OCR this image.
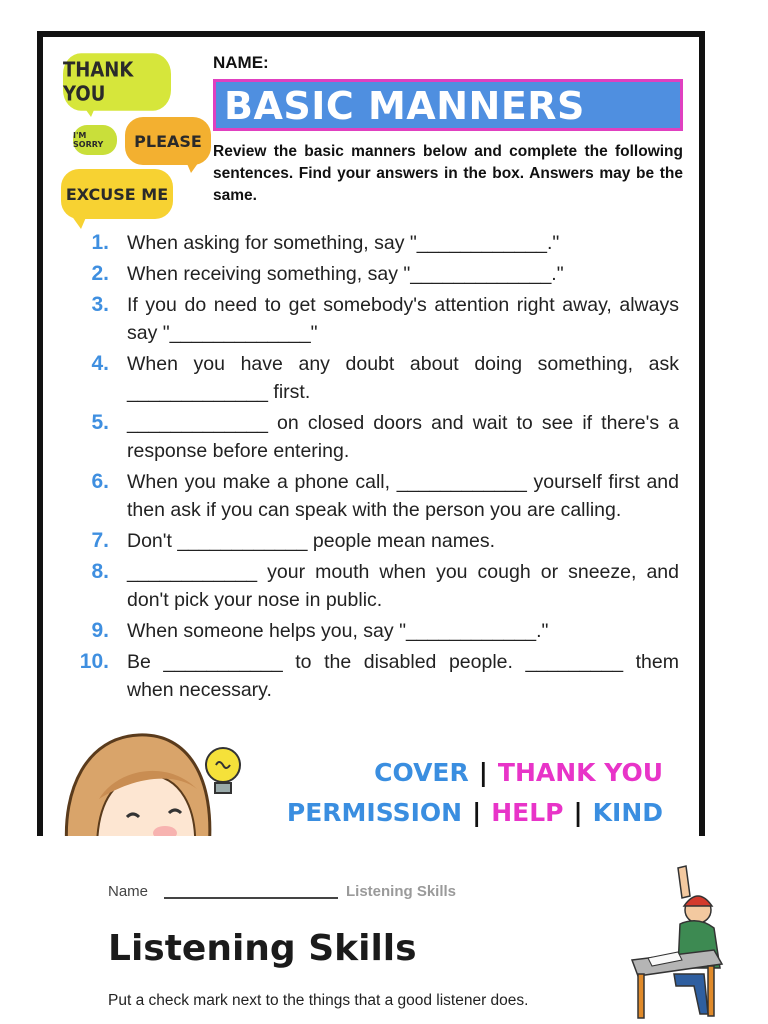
THANK YOU
I'M SORRY	PLEASE
EXCUSE ME
NAME:
BASIC MANNERS
Review the basic manners below and complete the following sentences. Find your answers in the box. Answers may be the same.
1. When asking for something, say "____________."
2. When receiving something, say "_____________."
3. If you do need to get somebody's attention right away, always say "_____________"
4. When you have any doubt about doing something, ask _____________ first.
5. _____________ on closed doors and wait to see if there's a response before entering.
6. When you make a phone call, ____________ yourself first and then ask if you can speak with the person you are calling.
7. Don't ____________ people mean names.
8. ____________ your mouth when you cough or sneeze, and don't pick your nose in public.
9. When someone helps you, say "____________."
10. Be ___________ to the disabled people. _________ them when necessary.
COVER | THANK YOU
PERMISSION | HELP | KIND
Name	Listening Skills
Listening Skills
Put a check mark next to the things that a good listener does.
